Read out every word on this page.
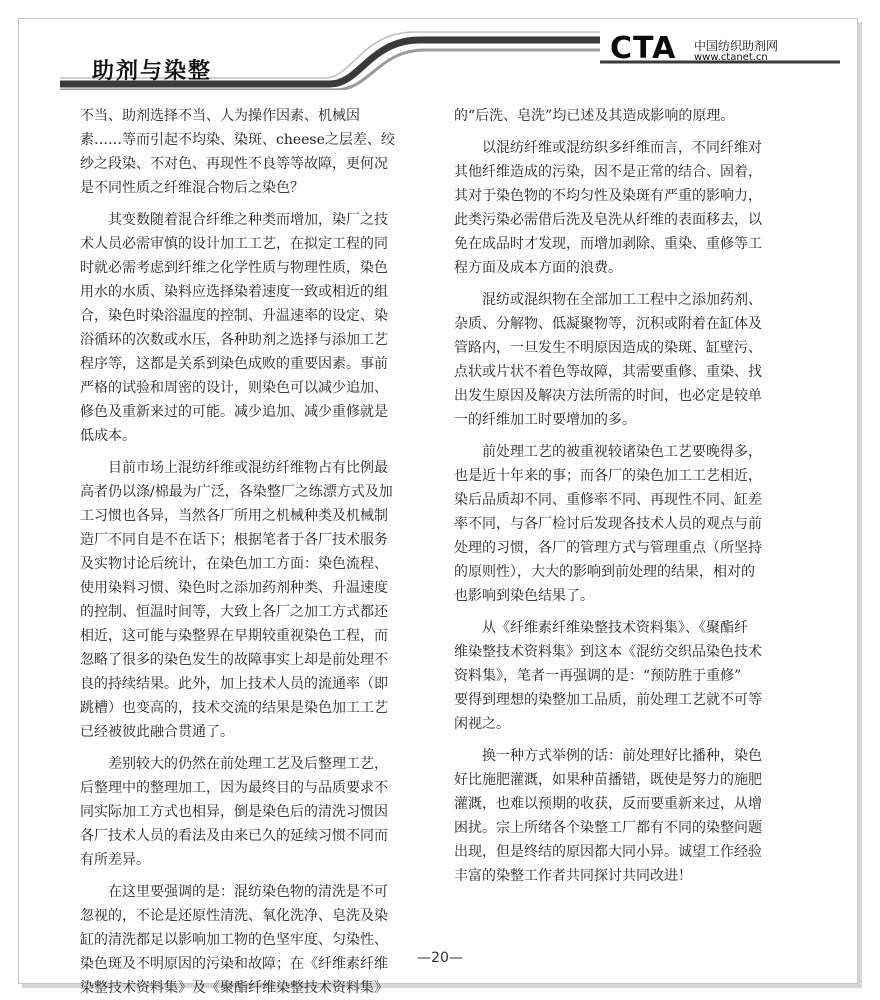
助剂与染整
CTA 中国纺织助剂网
www.ctanet.cn

不当、助剂选择不当、人为操作因素、机械因
素……等而引起不均染、染斑、cheese之层差、绞
纱之段染、不对色、再现性不良等等故障，更何况
是不同性质之纤维混合物后之染色？

其变数随着混合纤维之种类而增加，染厂之技
术人员必需审慎的设计加工工艺，在拟定工程的同
时就必需考虑到纤维之化学性质与物理性质，染色
用水的水质、染料应选择染着速度一致或相近的组
合，染色时染浴温度的控制、升温速率的设定、染
浴循环的次数或水压，各种助剂之选择与添加工艺
程序等，这都是关系到染色成败的重要因素。事前
严格的试验和周密的设计，则染色可以减少追加、
修色及重新来过的可能。减少追加、减少重修就是
低成本。

目前市场上混纺纤维或混纺纤维物占有比例最
高者仍以涤/棉最为广泛，各染整厂之练漂方式及加
工习惯也各异，当然各厂所用之机械种类及机械制
造厂不同自是不在话下；根据笔者于各厂技术服务
及实物讨论后统计，在染色加工方面：染色流程、
使用染料习惯、染色时之添加药剂种类、升温速度
的控制、恒温时间等，大致上各厂之加工方式都还
相近，这可能与染整界在早期较重视染色工程，而
忽略了很多的染色发生的故障事实上却是前处理不
良的持续结果。此外，加上技术人员的流通率（即
跳槽）也变高的，技术交流的结果是染色加工工艺
已经被彼此融合贯通了。

差别较大的仍然在前处理工艺及后整理工艺，
后整理中的整理加工，因为最终目的与品质要求不
同实际加工方式也相异，倒是染色后的清洗习惯因
各厂技术人员的看法及由来已久的延续习惯不同而
有所差异。

在这里要强调的是：混纺染色物的清洗是不可
忽视的，不论是还原性清洗、氧化洗净、皂洗及染
缸的清洗都足以影响加工物的色坚牢度、匀染性、
染色斑及不明原因的污染和故障；在《纤维素纤维
染整技术资料集》及《聚酯纤维染整技术资料集》

的“后洗、皂洗”均已述及其造成影响的原理。

以混纺纤维或混纺织多纤维而言，不同纤维对
其他纤维造成的污染，因不是正常的结合、固着，
其对于染色物的不均匀性及染斑有严重的影响力，
此类污染必需借后洗及皂洗从纤维的表面移去，以
免在成品时才发现，而增加剥除、重染、重修等工
程方面及成本方面的浪费。

混纺或混织物在全部加工工程中之添加药剂、
杂质、分解物、低凝聚物等，沉积或附着在缸体及
管路内，一旦发生不明原因造成的染斑、缸壁污、
点状或片状不着色等故障，其需要重修、重染、找
出发生原因及解决方法所需的时间，也必定是较单
一的纤维加工时要增加的多。

前处理工艺的被重视较诸染色工艺要晚得多，
也是近十年来的事；而各厂的染色加工工艺相近，
染后品质却不同、重修率不同、再现性不同、缸差
率不同，与各厂检讨后发现各技术人员的观点与前
处理的习惯，各厂的管理方式与管理重点（所坚持
的原则性），大大的影响到前处理的结果，相对的
也影响到染色结果了。

从《纤维素纤维染整技术资料集》、《聚酯纤
维染整技术资料集》到这本《混纺交织品染色技术
资料集》，笔者一再强调的是：“预防胜于重修”
要得到理想的染整加工品质，前处理工艺就不可等
闲视之。

换一种方式举例的话：前处理好比播种，染色
好比施肥灌溉，如果种苗播错，既使是努力的施肥
灌溉，也难以预期的收获，反而要重新来过，从增
困扰。宗上所绪各个染整工厂都有不同的染整问题
出现，但是终结的原因都大同小异。诚望工作经验
丰富的染整工作者共同探讨共同改进！

—20—
